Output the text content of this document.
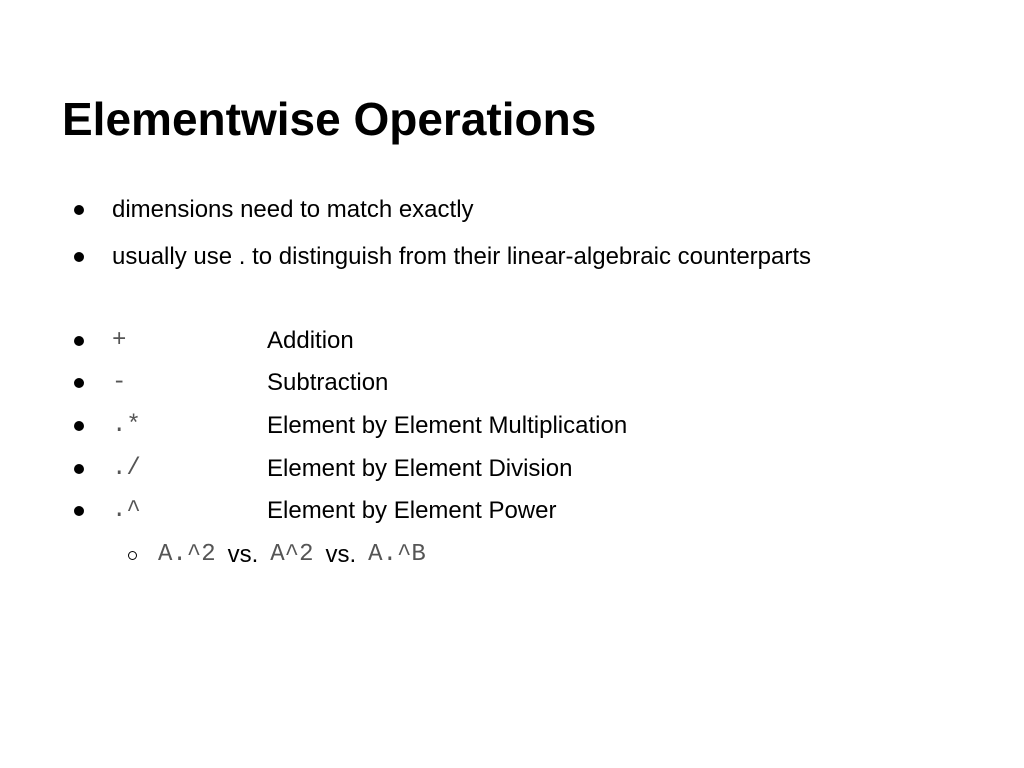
Elementwise Operations
dimensions need to match exactly
usually use . to distinguish from their linear-algebraic counterparts
+	Addition
-	Subtraction
.*	Element by Element Multiplication
./	Element by Element Division
.^	Element by Element Power
A.^2 vs. A^2 vs. A.^B
